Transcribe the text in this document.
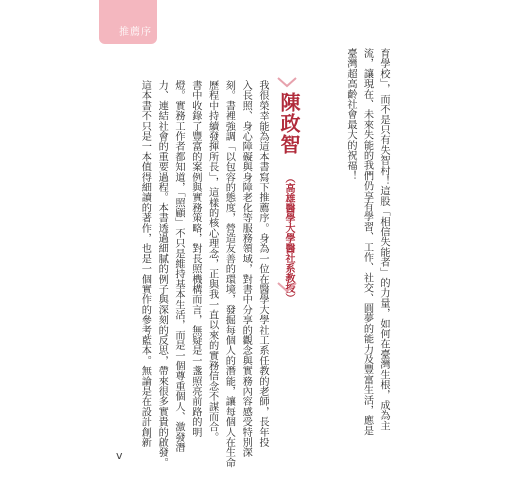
推薦序
育學校」，而不是只有失智村！這股「相信失能者」的力量，如何在臺灣生根，成為主
流，讓現在、未來失能的我們仍享有學習、工作、社交、圓夢的能力及豐富生活，應是
臺灣超高齡社會最大的祝福！
陳政智
（高雄醫學大學醫社系教授）
我很榮幸能為這本書寫下推薦序。身為一位在醫學大學社工系任教的老師，長年投
入長照、身心障礙與身障老化等服務領域，對書中分享的觀念與實務內容感受特別深
刻。書裡強調「以包容的態度，營造友善的環境，發掘每個人的潛能，讓每個人在生命
歷程中持續發揮所長」，這樣的核心理念，正與我一直以來的實務信念不謀而合。
書中收錄了豐富的案例與實務策略，對長照機構而言，無疑是一盞照亮前路的明
燈。實務工作者都知道，「照顧」不只是維持基本生活，而是一個尊重個人、激發潛
力、連結社會的重要過程。本書透過細膩的例子與深刻的反思，帶來很多實貴的啟發。
這本書不只是一本值得細讀的著作，也是一個實作的參考藍本。無論是在設計創新
v
